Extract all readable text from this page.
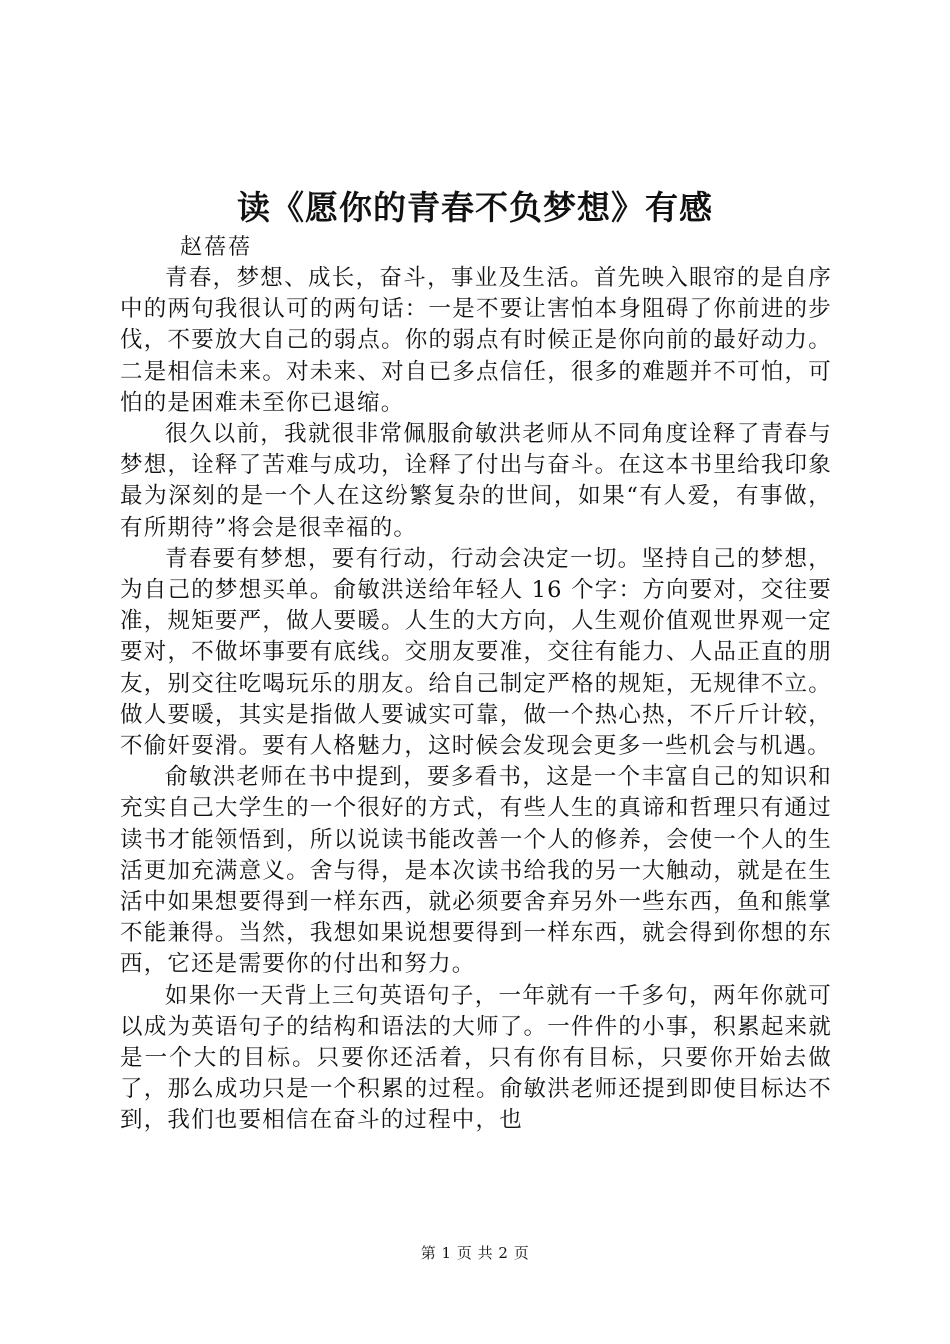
读《愿你的青春不负梦想》有感

赵蓓蓓

青春，梦想、成长，奋斗，事业及生活。首先映入眼帘的是自序中的两句我很认可的两句话：一是不要让害怕本身阻碍了你前进的步伐，不要放大自己的弱点。你的弱点有时候正是你向前的最好动力。二是相信未来。对未来、对自已多点信任，很多的难题并不可怕，可怕的是困难未至你已退缩。

很久以前，我就很非常佩服俞敏洪老师从不同角度诠释了青春与梦想，诠释了苦难与成功，诠释了付出与奋斗。在这本书里给我印象最为深刻的是一个人在这纷繁复杂的世间，如果“有人爱，有事做，有所期待”将会是很幸福的。

青春要有梦想，要有行动，行动会决定一切。坚持自己的梦想，为自己的梦想买单。俞敏洪送给年轻人 16 个字：方向要对，交往要准，规矩要严，做人要暖。人生的大方向，人生观价值观世界观一定要对，不做坏事要有底线。交朋友要准，交往有能力、人品正直的朋友，别交往吃喝玩乐的朋友。给自己制定严格的规矩，无规律不立。做人要暖，其实是指做人要诚实可靠，做一个热心热，不斤斤计较，不偷奸耍滑。要有人格魅力，这时候会发现会更多一些机会与机遇。

俞敏洪老师在书中提到，要多看书，这是一个丰富自己的知识和充实自己大学生的一个很好的方式，有些人生的真谛和哲理只有通过读书才能领悟到，所以说读书能改善一个人的修养，会使一个人的生活更加充满意义。舍与得，是本次读书给我的另一大触动，就是在生活中如果想要得到一样东西，就必须要舍弃另外一些东西，鱼和熊掌不能兼得。当然，我想如果说想要得到一样东西，就会得到你想的东西，它还是需要你的付出和努力。

如果你一天背上三句英语句子，一年就有一千多句，两年你就可以成为英语句子的结构和语法的大师了。一件件的小事，积累起来就是一个大的目标。只要你还活着，只有你有目标，只要你开始去做了，那么成功只是一个积累的过程。俞敏洪老师还提到即使目标达不到，我们也要相信在奋斗的过程中，也

第 1 页 共 2 页
